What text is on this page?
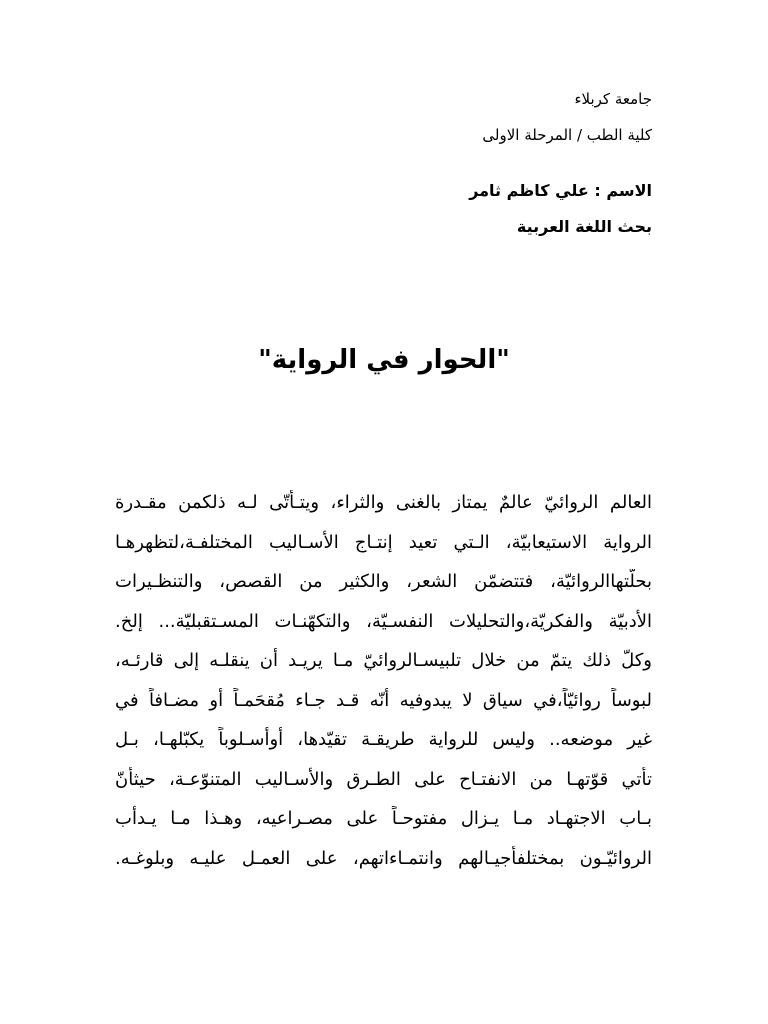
جامعة كربلاء
كلية الطب / المرحلة الاولى
الاسم : علي كاظم ثامر
بحث اللغة العربية
"الحوار في الرواية"
العالم الروائيّ عالمٌ يمتاز بالغنى والثراء، ويتـأتّى لـه ذلكمن مقـدرة
الرواية الاستيعابيّة، الـتي تعيد إنتـاج الأسـاليب المختلفـة،لتظهرهـا
بحلّتهاالروائيّة، فتتضمّن الشعر، والكثير من القصص، والتنظـيرات
الأدبيّة والفكريّة،والتحليلات النفسـيّة، والتكهّنـات المسـتقبليّة... إلخ.
وكلّ ذلك يتمّ من خلال تلبيسـالروائيّ مـا يريـد أن ينقلـه إلى قارئـه،
لبوساً روائيّاً،في سياق لا يبدوفيه أنّه قـد جـاء مُقحَمـاً أو مضـافاً في
غير موضعه.. وليس للرواية طريقـة تقيّدها، أوأسـلوباً يكبّلهـا، بـل
تأتي قوّتهـا من الانفتـاح على الطـرق والأسـاليب المتنوّعـة، حيثأنّ
بـاب الاجتهـاد مـا يـزال مفتوحـاً على مصـراعيه، وهـذا مـا يـدأب
الروائيّـون بمختلفأجيـالهم وانتمـاءاتهم، على العمـل عليـه وبلوغـه.
